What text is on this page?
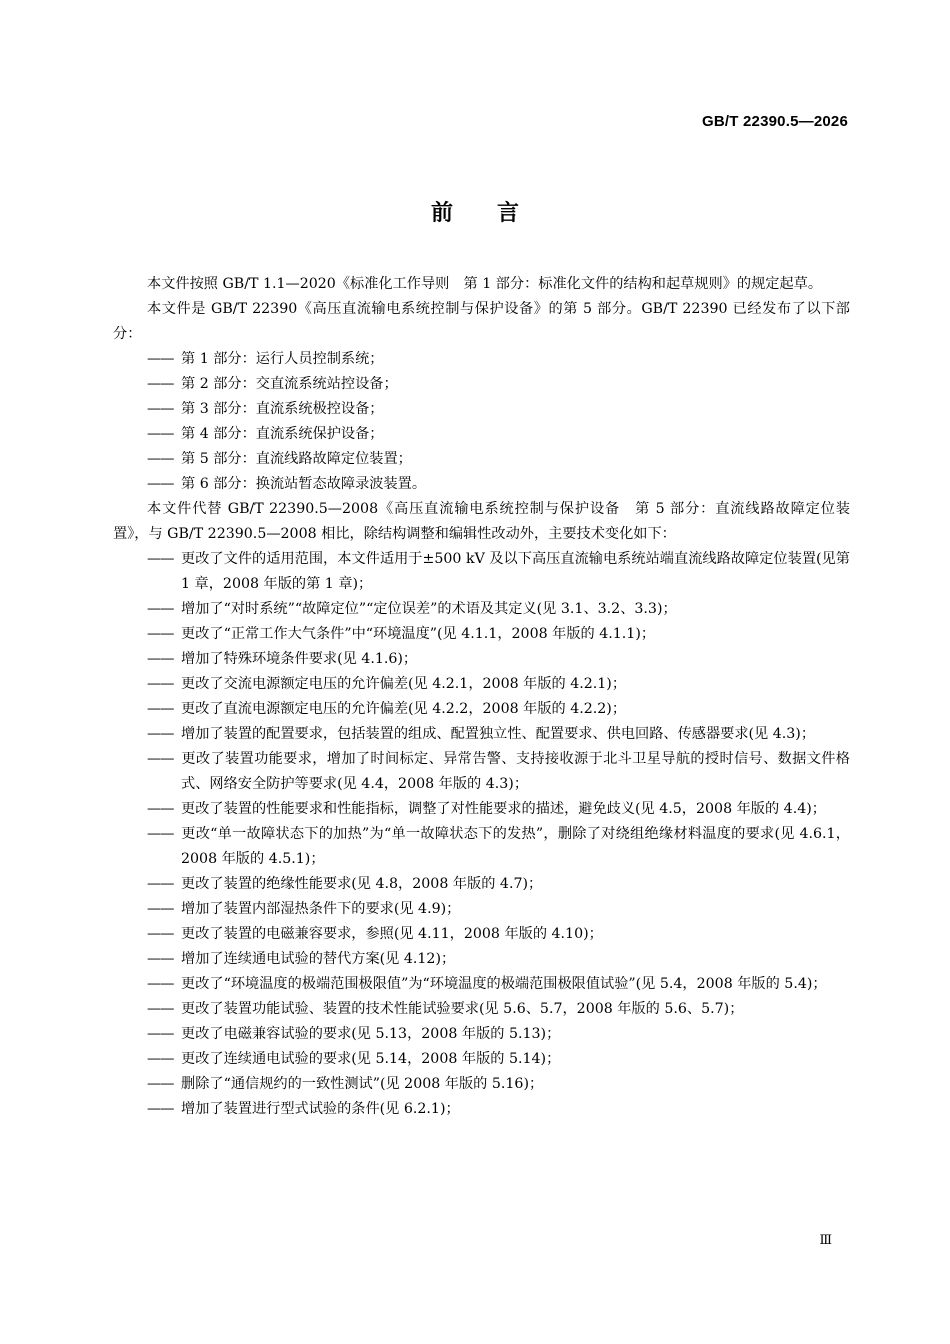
GB/T 22390.5—2026
前 言

本文件按照 GB/T 1.1—2020《标准化工作导则　第 1 部分：标准化文件的结构和起草规则》的规定起草。

本文件是 GB/T 22390《高压直流输电系统控制与保护设备》的第 5 部分。GB/T 22390 已经发布了以下部分：

—— 第 1 部分：运行人员控制系统；

—— 第 2 部分：交直流系统站控设备；

—— 第 3 部分：直流系统极控设备；

—— 第 4 部分：直流系统保护设备；

—— 第 5 部分：直流线路故障定位装置；

—— 第 6 部分：换流站暂态故障录波装置。

本文件代替 GB/T 22390.5—2008《高压直流输电系统控制与保护设备　第 5 部分：直流线路故障定位装置》，与 GB/T 22390.5—2008 相比，除结构调整和编辑性改动外，主要技术变化如下：

—— 更改了文件的适用范围，本文件适用于±500 kV 及以下高压直流输电系统站端直流线路故障定位装置(见第 1 章，2008 年版的第 1 章)；

—— 增加了“对时系统”“故障定位”“定位误差”的术语及其定义(见 3.1、3.2、3.3)；

—— 更改了“正常工作大气条件”中“环境温度”(见 4.1.1，2008 年版的 4.1.1)；

—— 增加了特殊环境条件要求(见 4.1.6)；

—— 更改了交流电源额定电压的允许偏差(见 4.2.1，2008 年版的 4.2.1)；

—— 更改了直流电源额定电压的允许偏差(见 4.2.2，2008 年版的 4.2.2)；

—— 增加了装置的配置要求，包括装置的组成、配置独立性、配置要求、供电回路、传感器要求(见 4.3)；

—— 更改了装置功能要求，增加了时间标定、异常告警、支持接收源于北斗卫星导航的授时信号、数据文件格式、网络安全防护等要求(见 4.4，2008 年版的 4.3)；

—— 更改了装置的性能要求和性能指标，调整了对性能要求的描述，避免歧义(见 4.5，2008 年版的 4.4)；

—— 更改“单一故障状态下的加热”为“单一故障状态下的发热”，删除了对绕组绝缘材料温度的要求(见 4.6.1，2008 年版的 4.5.1)；

—— 更改了装置的绝缘性能要求(见 4.8，2008 年版的 4.7)；

—— 增加了装置内部湿热条件下的要求(见 4.9)；

—— 更改了装置的电磁兼容要求，参照(见 4.11，2008 年版的 4.10)；

—— 增加了连续通电试验的替代方案(见 4.12)；

—— 更改了“环境温度的极端范围极限值”为“环境温度的极端范围极限值试验”(见 5.4，2008 年版的 5.4)；

—— 更改了装置功能试验、装置的技术性能试验要求(见 5.6、5.7，2008 年版的 5.6、5.7)；

—— 更改了电磁兼容试验的要求(见 5.13，2008 年版的 5.13)；

—— 更改了连续通电试验的要求(见 5.14，2008 年版的 5.14)；

—— 删除了“通信规约的一致性测试”(见 2008 年版的 5.16)；

—— 增加了装置进行型式试验的条件(见 6.2.1)；

Ⅲ
